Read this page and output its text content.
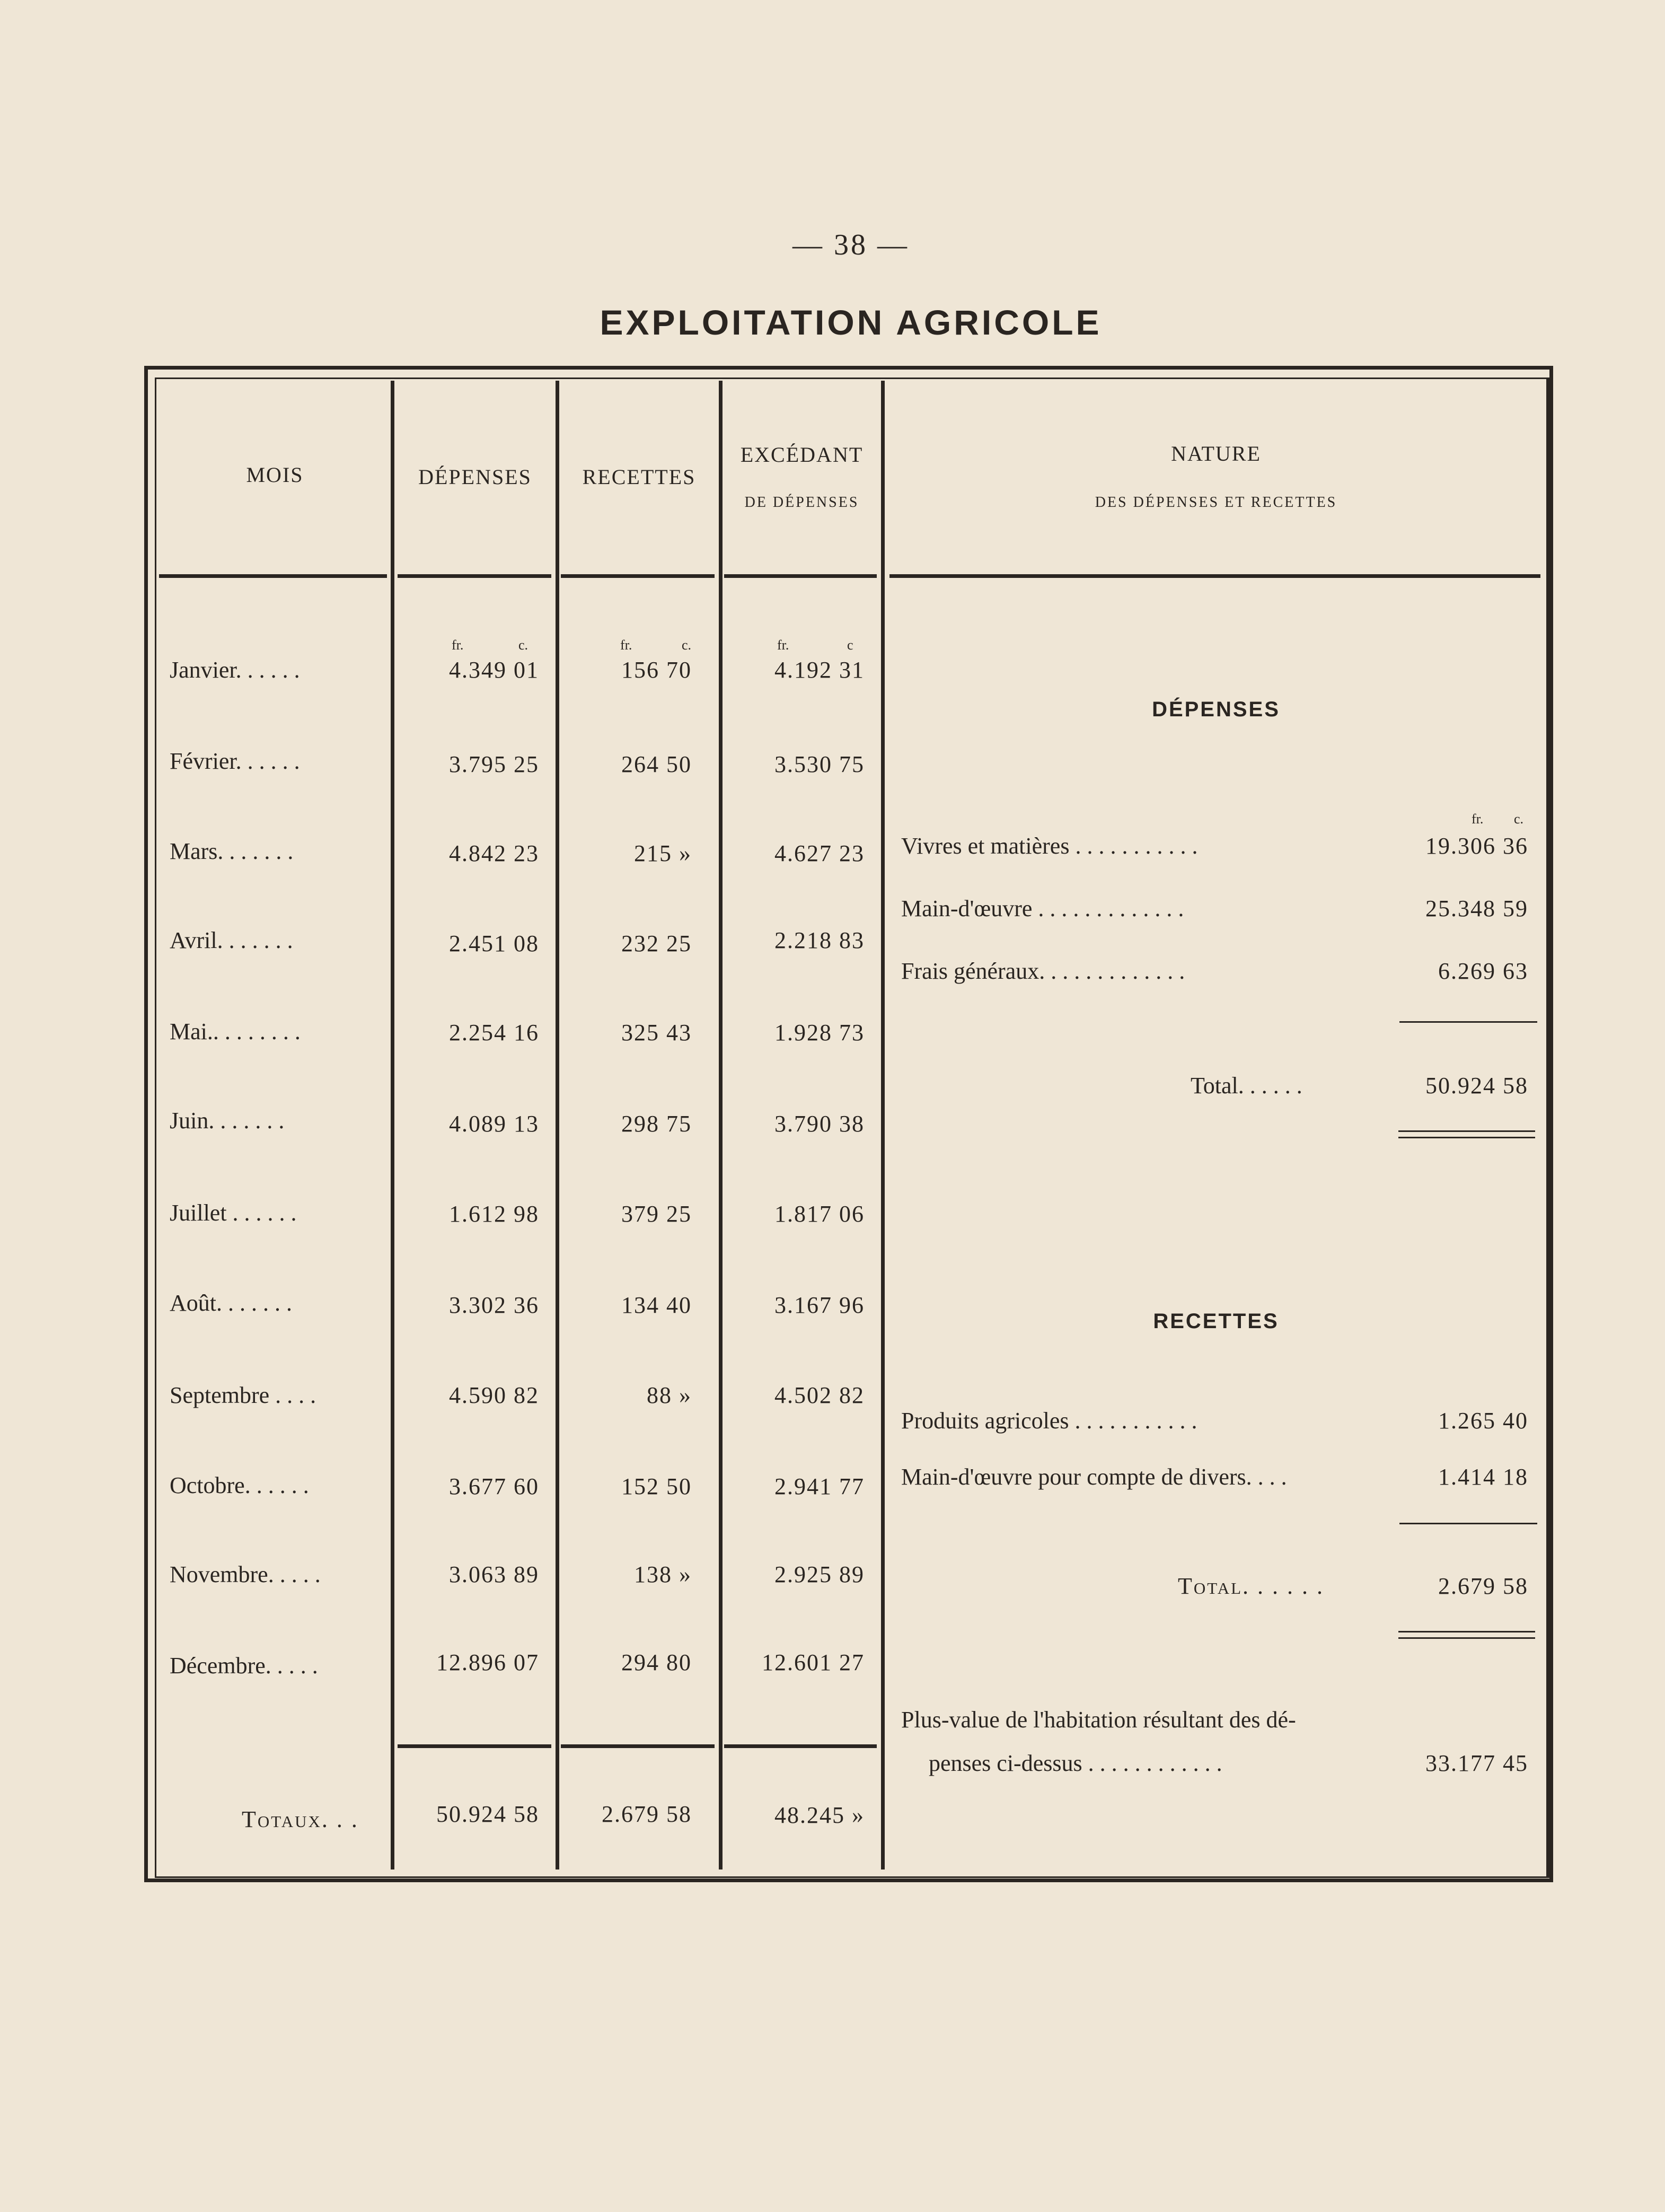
— 38 —
EXPLOITATION AGRICOLE
MOIS	DÉPENSES	RECETTES
EXCÉDANT
DE DÉPENSES
NATURE
DES DÉPENSES ET RECETTES
fr.	c.	fr.	c.	fr.	c
Janvier. . . . . .	4.349 01	156 70	4.192 31
Février. . . . . .	3.795 25	264 50	3.530 75
Mars. . . . . . .	4.842 23	215 »	4.627 23
Avril. . . . . . .	2.451 08	232 25	2.218 83
Mai.. . . . . . . .	2.254 16	325 43	1.928 73
Juin. . . . . . .	4.089 13	298 75	3.790 38
Juillet . . . . . .	1.612 98	379 25	1.817 06
Août. . . . . . .	3.302 36	134 40	3.167 96
Septembre . . . .	4.590 82	88 »	4.502 82
Octobre. . . . . .	3.677 60	152 50	2.941 77
Novembre. . . . .	3.063 89	138 »	2.925 89
Décembre. . . . .	12.896 07	294 80	12.601 27
Totaux. . .	50.924 58	2.679 58	48.245 »
DÉPENSES
fr. c.
Vivres et matières . . . . . . . . . . .	19.306 36
Main-d'œuvre . . . . . . . . . . . . .	25.348 59
Frais généraux. . . . . . . . . . . . .	6.269 63
Total. . . . . .	50.924 58
RECETTES
Produits agricoles . . . . . . . . . . .	1.265 40
Main-d'œuvre pour compte de divers. . . .	1.414 18
Total. . . . . .	2.679 58
Plus-value de l'habitation résultant des dé-
penses ci-dessus . . . . . . . . . . . .	33.177 45
